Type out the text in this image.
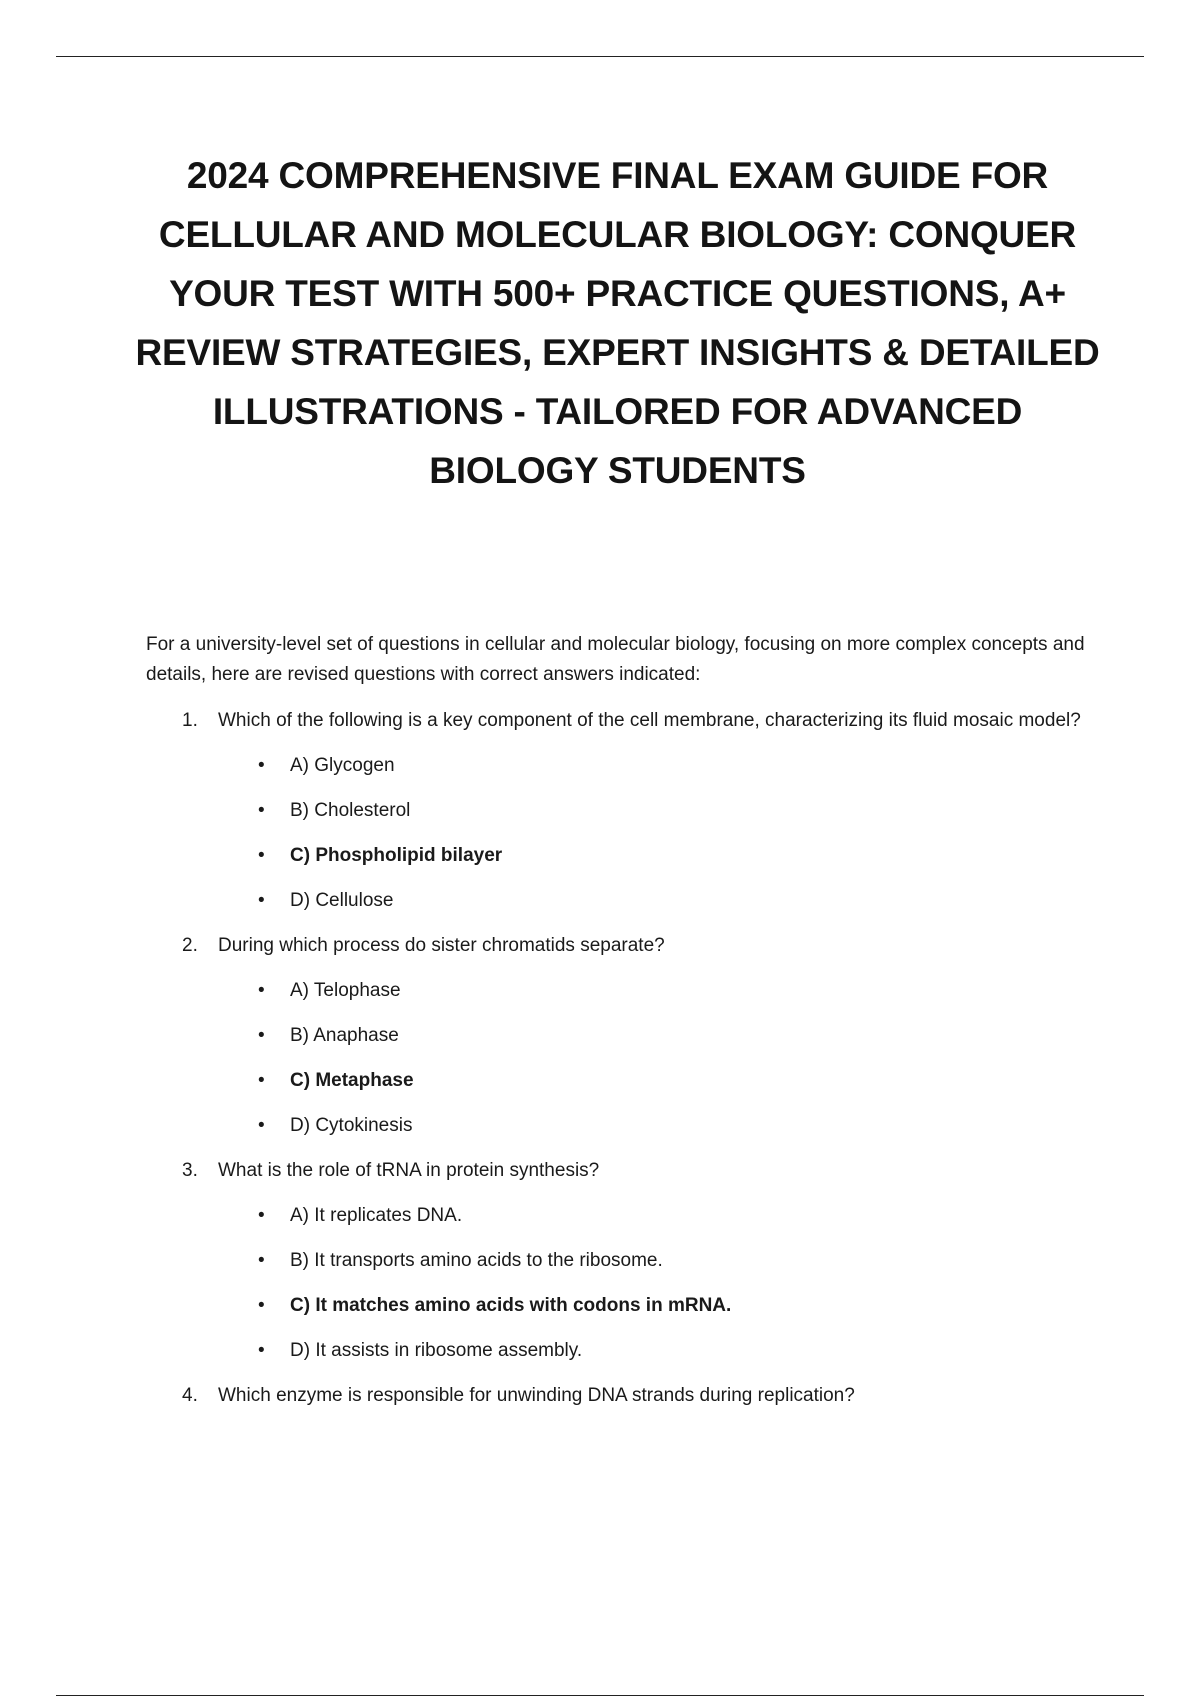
2024 COMPREHENSIVE FINAL EXAM GUIDE FOR CELLULAR AND MOLECULAR BIOLOGY: CONQUER YOUR TEST WITH 500+ PRACTICE QUESTIONS, A+ REVIEW STRATEGIES, EXPERT INSIGHTS & DETAILED ILLUSTRATIONS - TAILORED FOR ADVANCED BIOLOGY STUDENTS

For a university-level set of questions in cellular and molecular biology, focusing on more complex concepts and details, here are revised questions with correct answers indicated:

1. Which of the following is a key component of the cell membrane, characterizing its fluid mosaic model?
• A) Glycogen
• B) Cholesterol
• C) Phospholipid bilayer
• D) Cellulose
2. During which process do sister chromatids separate?
• A) Telophase
• B) Anaphase
• C) Metaphase
• D) Cytokinesis
3. What is the role of tRNA in protein synthesis?
• A) It replicates DNA.
• B) It transports amino acids to the ribosome.
• C) It matches amino acids with codons in mRNA.
• D) It assists in ribosome assembly.
4. Which enzyme is responsible for unwinding DNA strands during replication?
